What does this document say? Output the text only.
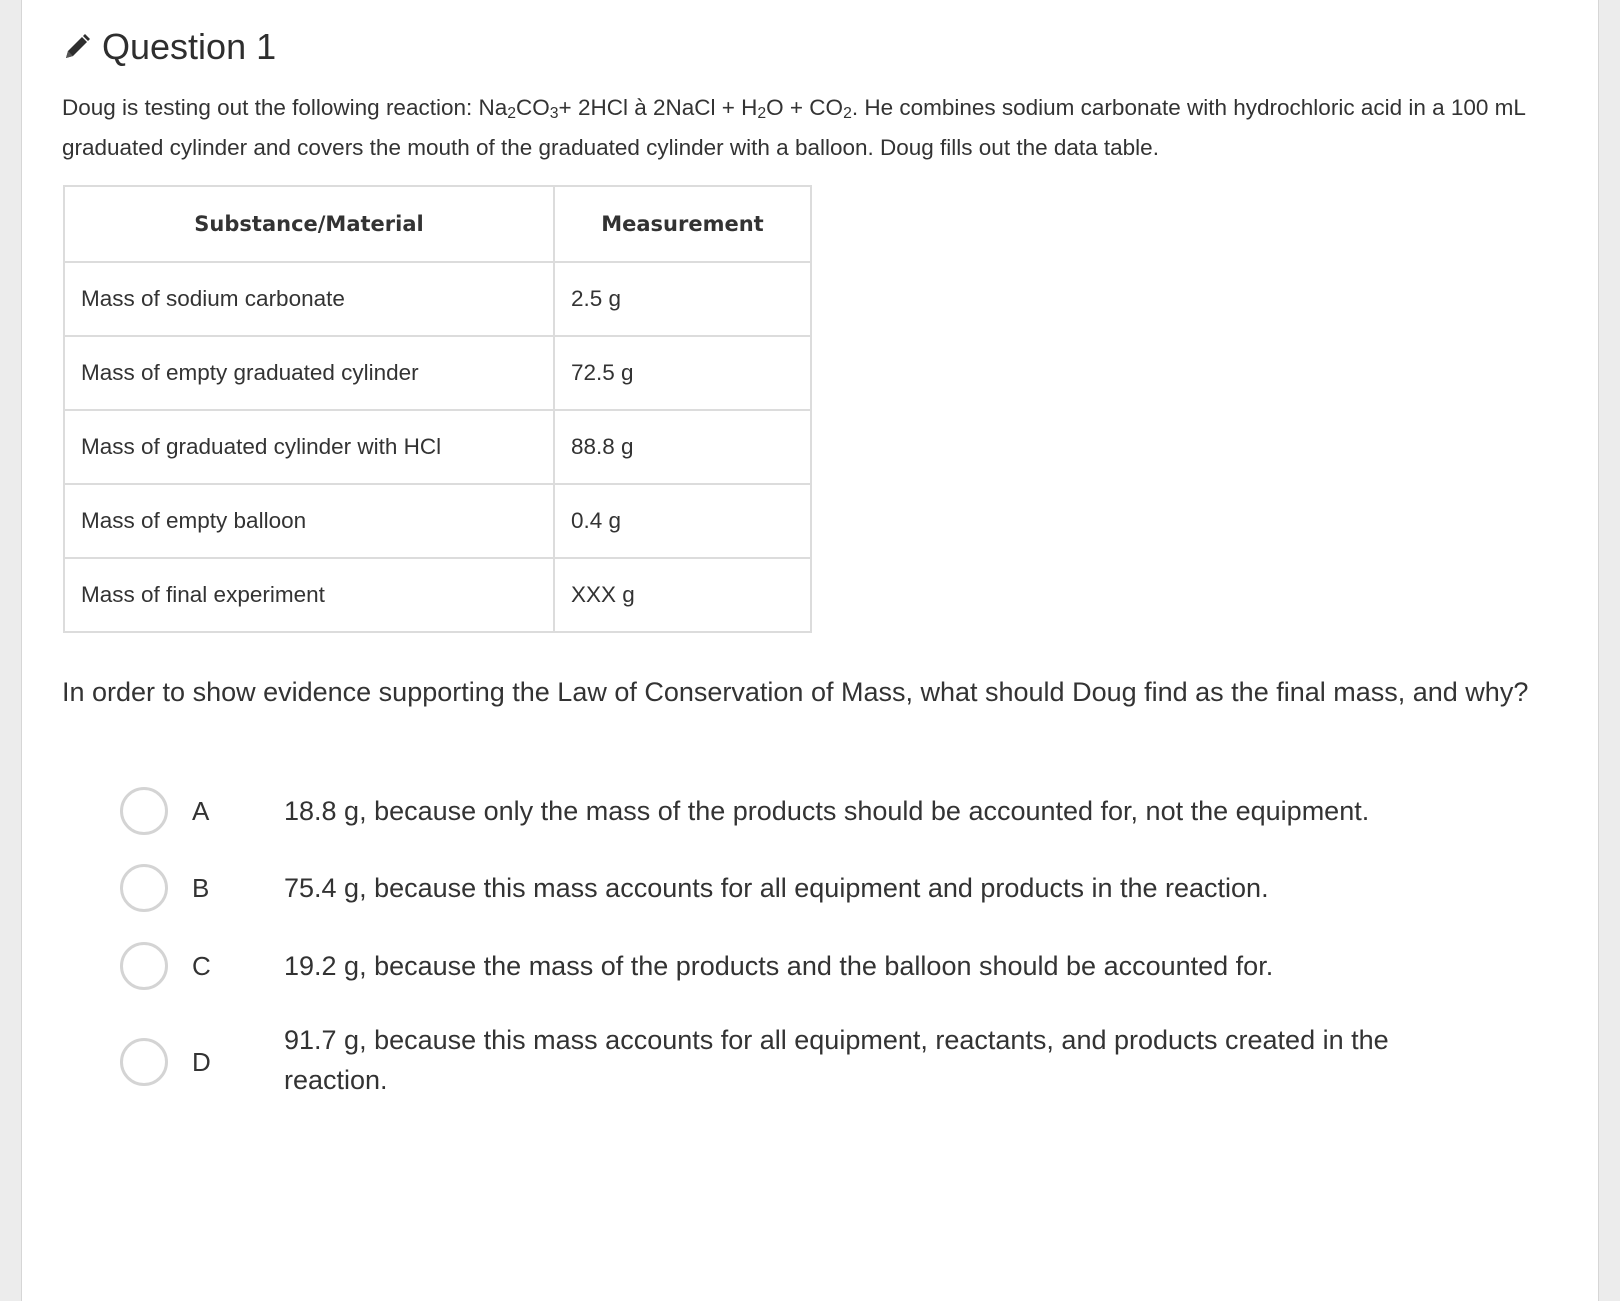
Question 1
Doug is testing out the following reaction: $Na_2CO_3+ 2HCl$ à 2NaCl + $H_2O + CO_2$. He combines sodium carbonate with hydrochloric acid in a 100 mL graduated cylinder and covers the mouth of the graduated cylinder with a balloon. Doug fills out the data table.
Substance/Material	Measurement
Mass of sodium carbonate	2.5 g
Mass of empty graduated cylinder	72.5 g
Mass of graduated cylinder with HCl	88.8 g
Mass of empty balloon	0.4 g
Mass of final experiment	XXX g
In order to show evidence supporting the Law of Conservation of Mass, what should Doug find as the final mass, and why?
A	18.8 g, because only the mass of the products should be accounted for, not the equipment.
B	75.4 g, because this mass accounts for all equipment and products in the reaction.
C	19.2 g, because the mass of the products and the balloon should be accounted for.
D
91.7 g, because this mass accounts for all equipment, reactants, and products created in the reaction.
